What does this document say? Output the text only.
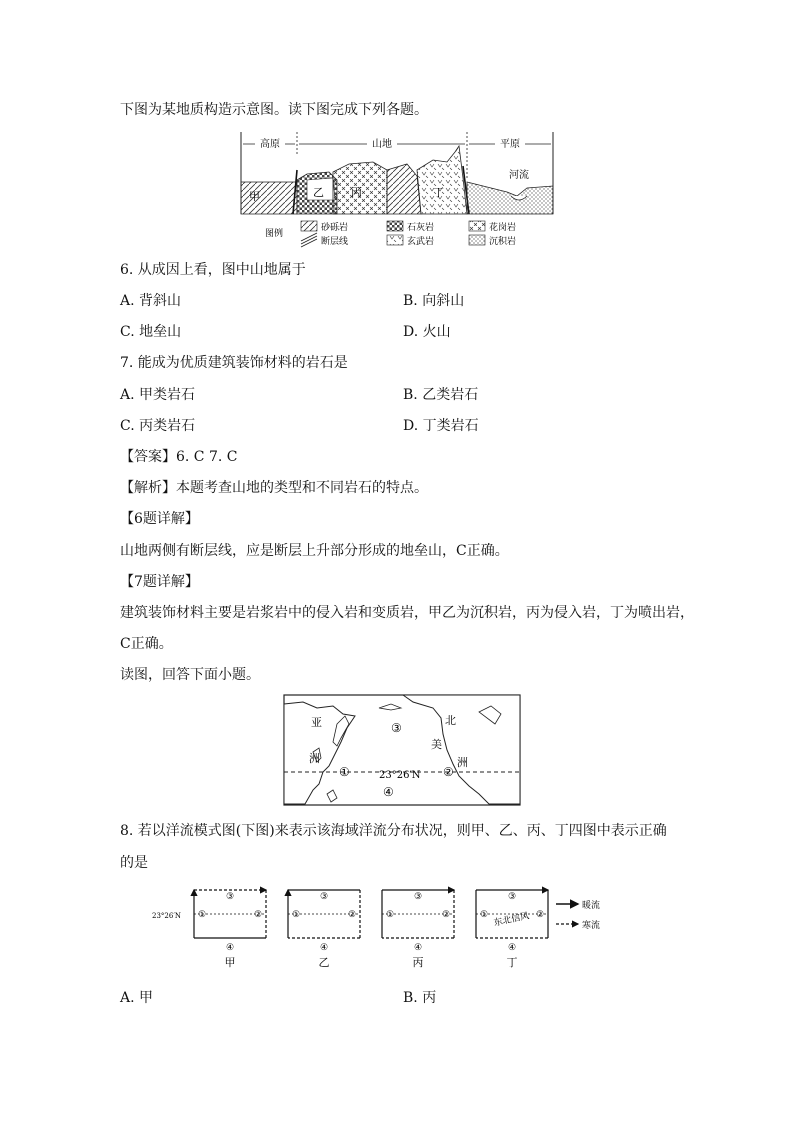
下图为某地质构造示意图。读下图完成下列各题。
高原	山地	平原
甲	乙 丙	丁
河流
图例
砂砾岩	石灰岩	花岗岩
断层线	玄武岩	沉积岩
6. 从成因上看，图中山地属于
A. 背斜山	B. 向斜山
C. 地垒山	D. 火山
7. 能成为优质建筑装饰材料的岩石是
A. 甲类岩石	B. 乙类岩石
C. 丙类岩石	D. 丁类岩石
【答案】6. C 7. C
【解析】本题考查山地的类型和不同岩石的特点。
【6题详解】
山地两侧有断层线，应是断层上升部分形成的地垒山，C正确。
【7题详解】
建筑装饰材料主要是岩浆岩中的侵入岩和变质岩，甲乙为沉积岩，丙为侵入岩，丁为喷出岩，
C正确。
读图，回答下面小题。
亚
洲
北
美
洲
23°26′N
①	②
③
④
8. 若以洋流模式图(下图)来表示该海域洋流分布状况，则甲、乙、丙、丁四图中表示正确
的是
23°26′N
③
①	②
④
甲
③
①	②
④
乙
③
①	②
④
丙
③
①	②
东北信风
④
丁
暖流
寒流
A. 甲	B. 丙
